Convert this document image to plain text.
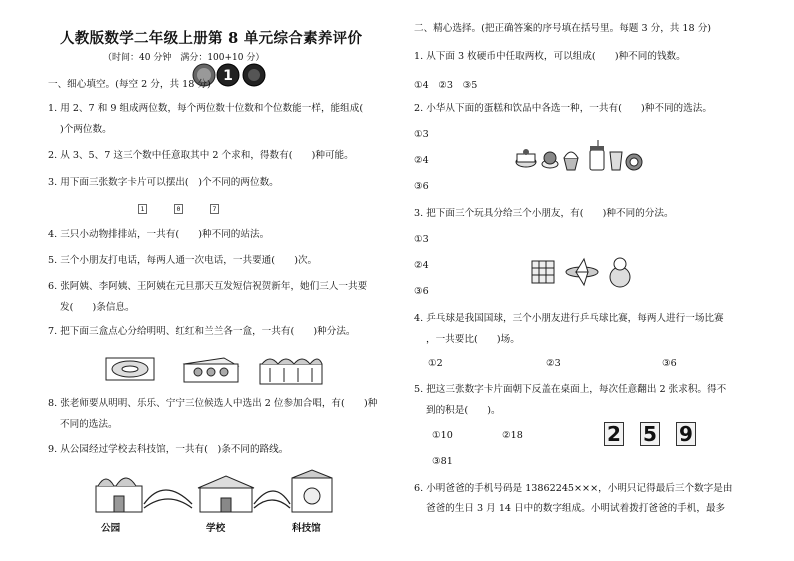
人教版数学二年级上册第 8 单元综合素养评价
（时间：40 分钟　满分：100+10 分）
1
一、细心填空。(每空 2 分，共 18 分)
1. 用 2、7 和 9 组成两位数，每个两位数十位数和个位数能一样，能组成(
)个两位数。
2. 从 3、5、7 这三个数中任意取其中 2 个求和，得数有(　　)种可能。
3. 用下面三张数字卡片可以摆出(　)个不同的两位数。
1	0	7
4. 三只小动物排排站，一共有(　　)种不同的站法。
5. 三个小朋友打电话，每两人通一次电话，一共要通(　　)次。
6. 张阿姨、李阿姨、王阿姨在元旦那天互发短信祝贺新年，她们三人一共要
发(　　)条信息。
7. 把下面三盒点心分给明明、红红和兰兰各一盒，一共有(　　)种分法。
8. 张老师要从明明、乐乐、宁宁三位候选人中选出 2 位参加合唱，有(　　)种
不同的选法。
9. 从公园经过学校去科技馆，一共有(　)条不同的路线。
公园	学校	科技馆
二、精心选择。(把正确答案的序号填在括号里。每题 3 分，共 18 分)
1. 从下面 3 枚硬币中任取两枚，可以组成(　　)种不同的钱数。
①4　②3　③5
2. 小华从下面的蛋糕和饮品中各选一种，一共有(　　)种不同的选法。
①3
②4
③6
3. 把下面三个玩具分给三个小朋友，有(　　)种不同的分法。
①3
②4
③6
4. 乒乓球是我国国球，三个小朋友进行乒乓球比赛，每两人进行一场比赛
，一共要比(　　)场。
①2	②3	③6
5. 把这三张数字卡片面朝下反盖在桌面上，每次任意翻出 2 张求积。得不
到的积是(　　)。
①10	②18
③81
2 5 9
6. 小明爸爸的手机号码是 13862245×××，小明只记得最后三个数字是由
爸爸的生日 3 月 14 日中的数字组成。小明试着拨打爸爸的手机，最多
